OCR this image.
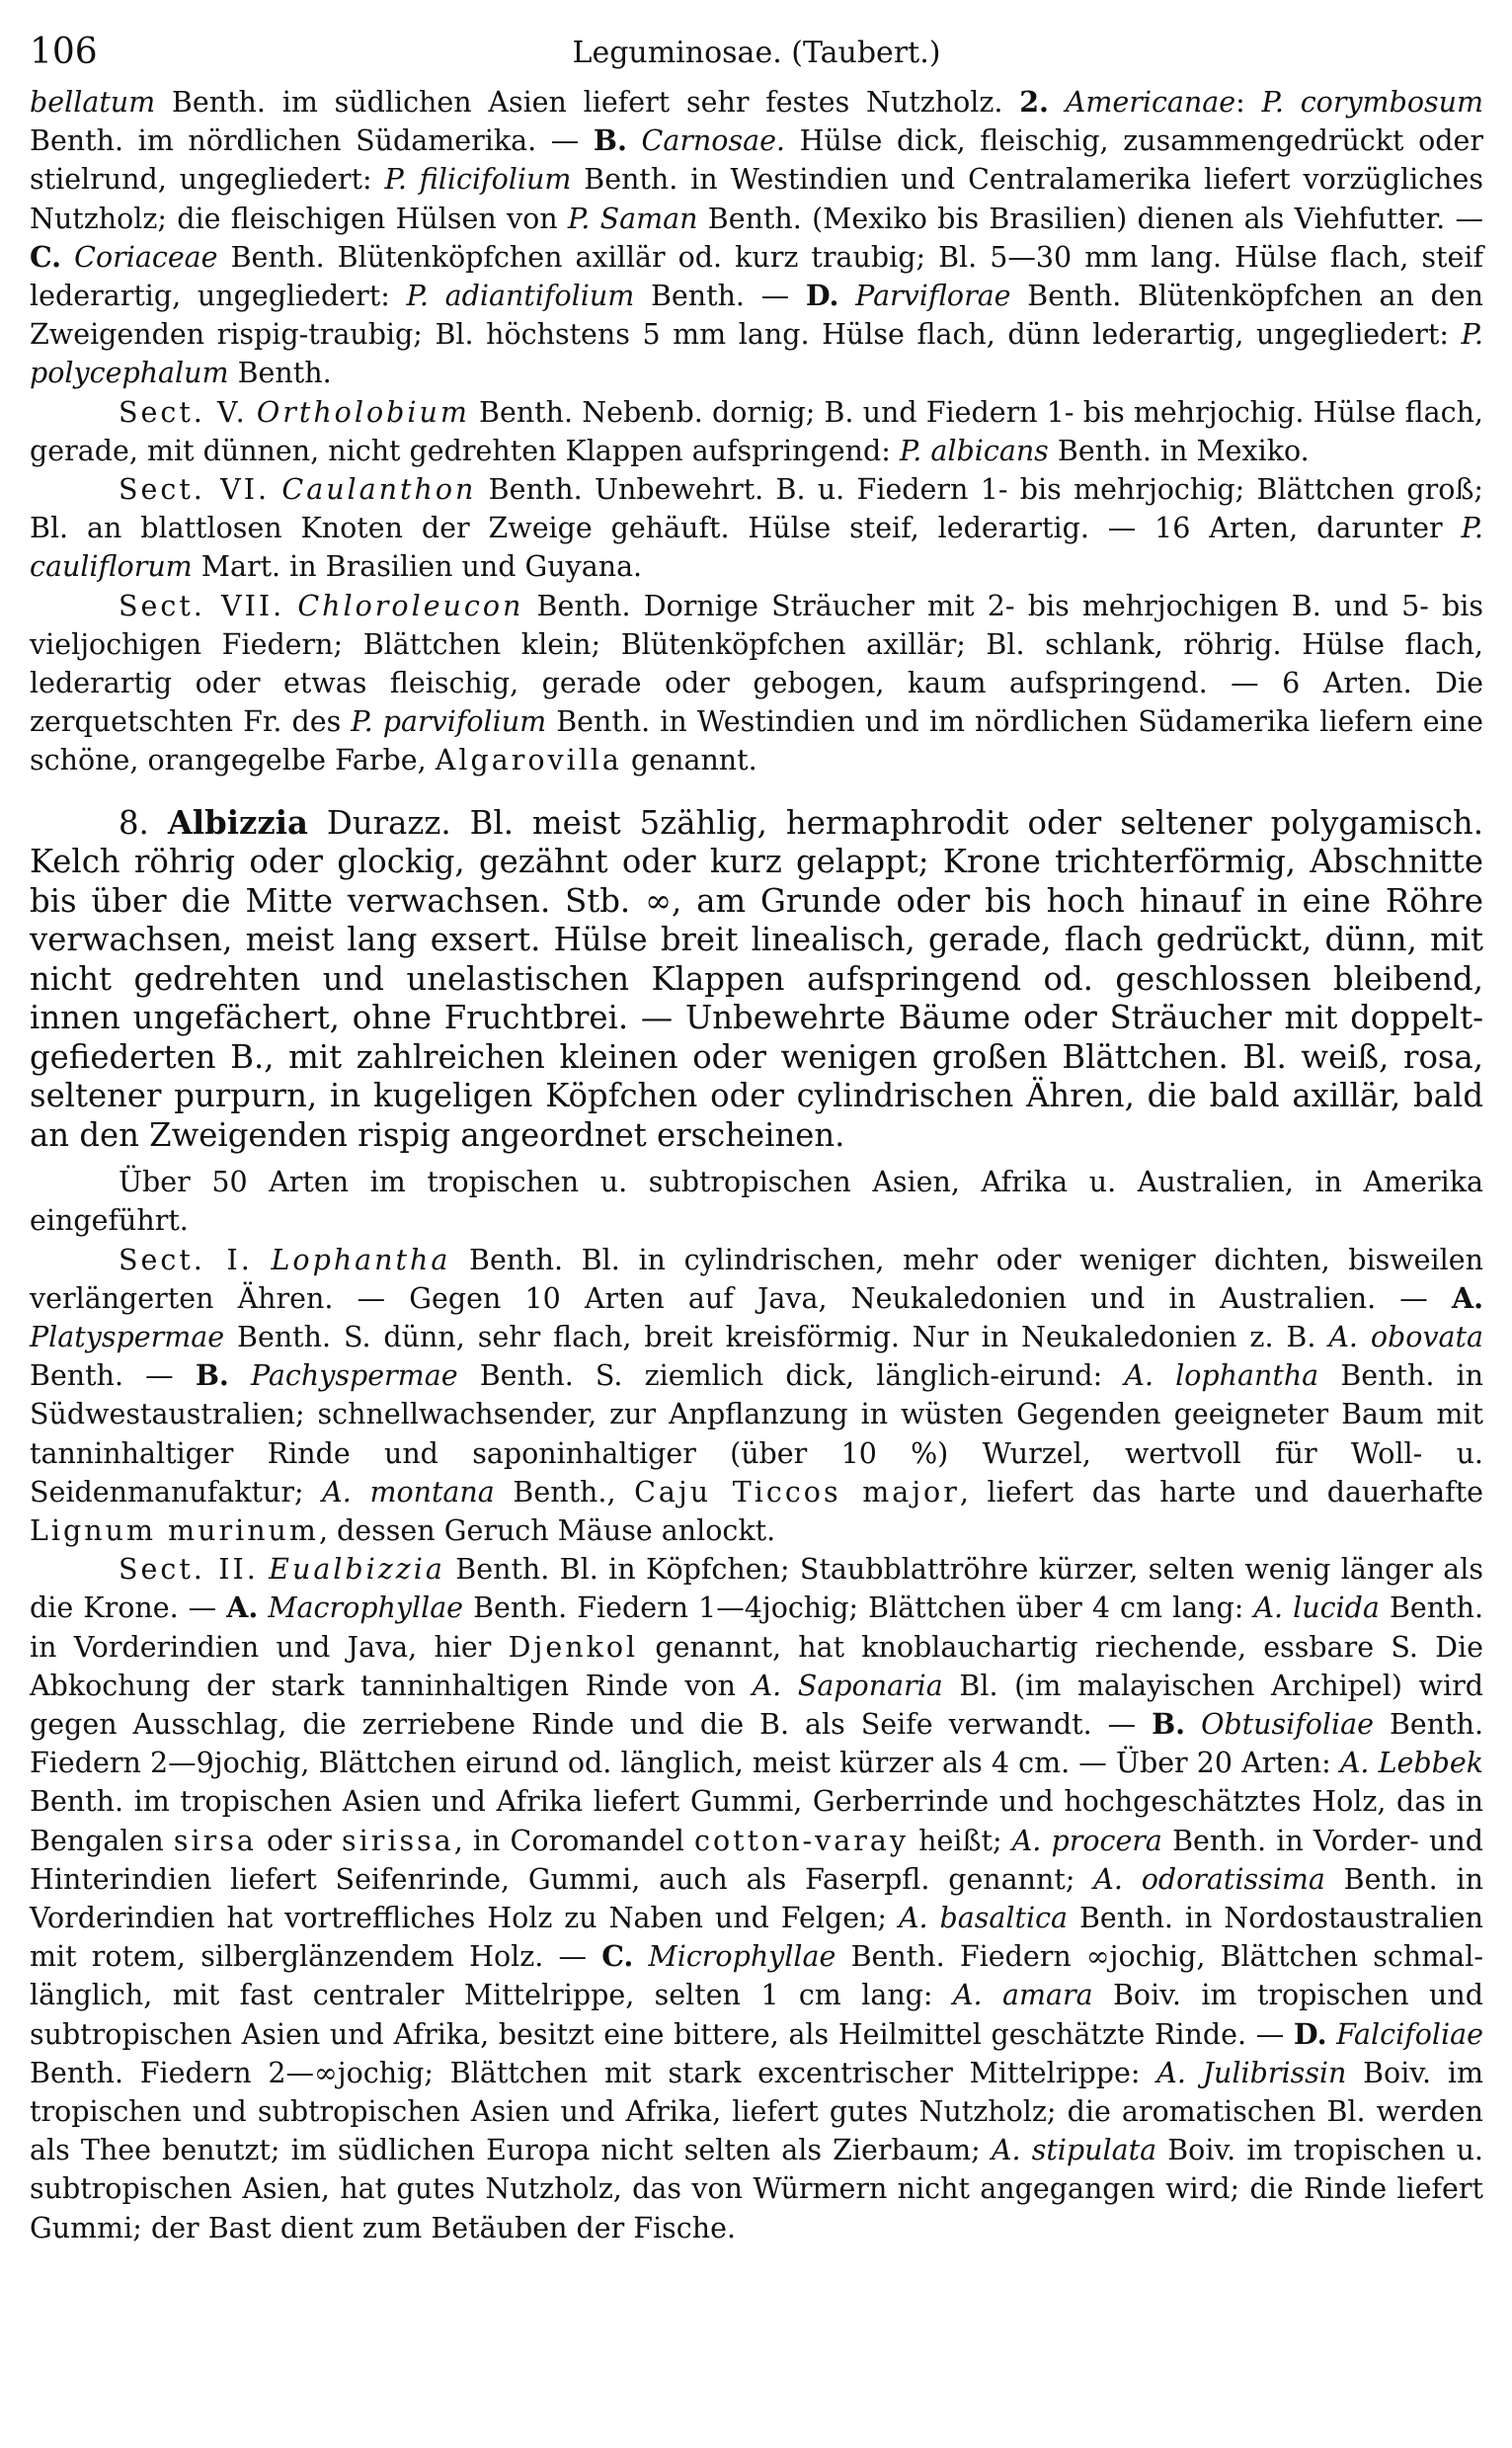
106	Leguminosae. (Taubert.)

bellatum Benth. im südlichen Asien liefert sehr festes Nutzholz. 2. Americanae: P. corymbosum Benth. im nördlichen Südamerika. — B. Carnosae. Hülse dick, fleischig, zusammengedrückt oder stielrund, ungegliedert: P. filicifolium Benth. in Westindien und Centralamerika liefert vorzügliches Nutzholz; die fleischigen Hülsen von P. Saman Benth. (Mexiko bis Brasilien) dienen als Viehfutter. — C. Coriaceae Benth. Blütenköpfchen axillär od. kurz traubig; Bl. 5—30 mm lang. Hülse flach, steif lederartig, ungegliedert: P. adiantifolium Benth. — D. Parviflorae Benth. Blütenköpfchen an den Zweigenden rispig-traubig; Bl. höchstens 5 mm lang. Hülse flach, dünn lederartig, ungegliedert: P. polycephalum Benth.

Sect. V. Ortholobium Benth. Nebenb. dornig; B. und Fiedern 1- bis mehrjochig. Hülse flach, gerade, mit dünnen, nicht gedrehten Klappen aufspringend: P. albicans Benth. in Mexiko.

Sect. VI. Caulanthon Benth. Unbewehrt. B. u. Fiedern 1- bis mehrjochig; Blättchen groß; Bl. an blattlosen Knoten der Zweige gehäuft. Hülse steif, lederartig. — 16 Arten, darunter P. cauliflorum Mart. in Brasilien und Guyana.

Sect. VII. Chloroleucon Benth. Dornige Sträucher mit 2- bis mehrjochigen B. und 5- bis vieljochigen Fiedern; Blättchen klein; Blütenköpfchen axillär; Bl. schlank, röhrig. Hülse flach, lederartig oder etwas fleischig, gerade oder gebogen, kaum aufspringend. — 6 Arten. Die zerquetschten Fr. des P. parvifolium Benth. in Westindien und im nördlichen Südamerika liefern eine schöne, orangegelbe Farbe, Algarovilla genannt.

8. Albizzia Durazz. Bl. meist 5zählig, hermaphrodit oder seltener polygamisch. Kelch röhrig oder glockig, gezähnt oder kurz gelappt; Krone trichterförmig, Abschnitte bis über die Mitte verwachsen. Stb. ∞, am Grunde oder bis hoch hinauf in eine Röhre verwachsen, meist lang exsert. Hülse breit linealisch, gerade, flach gedrückt, dünn, mit nicht gedrehten und unelastischen Klappen aufspringend od. geschlossen bleibend, innen ungefächert, ohne Fruchtbrei. — Unbewehrte Bäume oder Sträucher mit doppelt-gefiederten B., mit zahlreichen kleinen oder wenigen großen Blättchen. Bl. weiß, rosa, seltener purpurn, in kugeligen Köpfchen oder cylindrischen Ähren, die bald axillär, bald an den Zweigenden rispig angeordnet erscheinen.

Über 50 Arten im tropischen u. subtropischen Asien, Afrika u. Australien, in Amerika eingeführt.

Sect. I. Lophantha Benth. Bl. in cylindrischen, mehr oder weniger dichten, bisweilen verlängerten Ähren. — Gegen 10 Arten auf Java, Neukaledonien und in Australien. — A. Platyspermae Benth. S. dünn, sehr flach, breit kreisförmig. Nur in Neukaledonien z. B. A. obovata Benth. — B. Pachyspermae Benth. S. ziemlich dick, länglich-eirund: A. lophantha Benth. in Südwestaustralien; schnellwachsender, zur Anpflanzung in wüsten Gegenden geeigneter Baum mit tanninhaltiger Rinde und saponinhaltiger (über 10 %) Wurzel, wertvoll für Woll- u. Seidenmanufaktur; A. montana Benth., Caju Ticcos major, liefert das harte und dauerhafte Lignum murinum, dessen Geruch Mäuse anlockt.

Sect. II. Eualbizzia Benth. Bl. in Köpfchen; Staubblattröhre kürzer, selten wenig länger als die Krone. — A. Macrophyllae Benth. Fiedern 1—4jochig; Blättchen über 4 cm lang: A. lucida Benth. in Vorderindien und Java, hier Djenkol genannt, hat knoblauchartig riechende, essbare S. Die Abkochung der stark tanninhaltigen Rinde von A. Saponaria Bl. (im malayischen Archipel) wird gegen Ausschlag, die zerriebene Rinde und die B. als Seife verwandt. — B. Obtusifoliae Benth. Fiedern 2—9jochig, Blättchen eirund od. länglich, meist kürzer als 4 cm. — Über 20 Arten: A. Lebbek Benth. im tropischen Asien und Afrika liefert Gummi, Gerberrinde und hochgeschätztes Holz, das in Bengalen sirsa oder sirissa, in Coromandel cotton-varay heißt; A. procera Benth. in Vorder- und Hinterindien liefert Seifenrinde, Gummi, auch als Faserpfl. genannt; A. odoratissima Benth. in Vorderindien hat vortreffliches Holz zu Naben und Felgen; A. basaltica Benth. in Nordostaustralien mit rotem, silberglänzendem Holz. — C. Microphyllae Benth. Fiedern ∞jochig, Blättchen schmal-länglich, mit fast centraler Mittelrippe, selten 1 cm lang: A. amara Boiv. im tropischen und subtropischen Asien und Afrika, besitzt eine bittere, als Heilmittel geschätzte Rinde. — D. Falcifoliae Benth. Fiedern 2—∞jochig; Blättchen mit stark excentrischer Mittelrippe: A. Julibrissin Boiv. im tropischen und subtropischen Asien und Afrika, liefert gutes Nutzholz; die aromatischen Bl. werden als Thee benutzt; im südlichen Europa nicht selten als Zierbaum; A. stipulata Boiv. im tropischen u. subtropischen Asien, hat gutes Nutzholz, das von Würmern nicht angegangen wird; die Rinde liefert Gummi; der Bast dient zum Betäuben der Fische.
